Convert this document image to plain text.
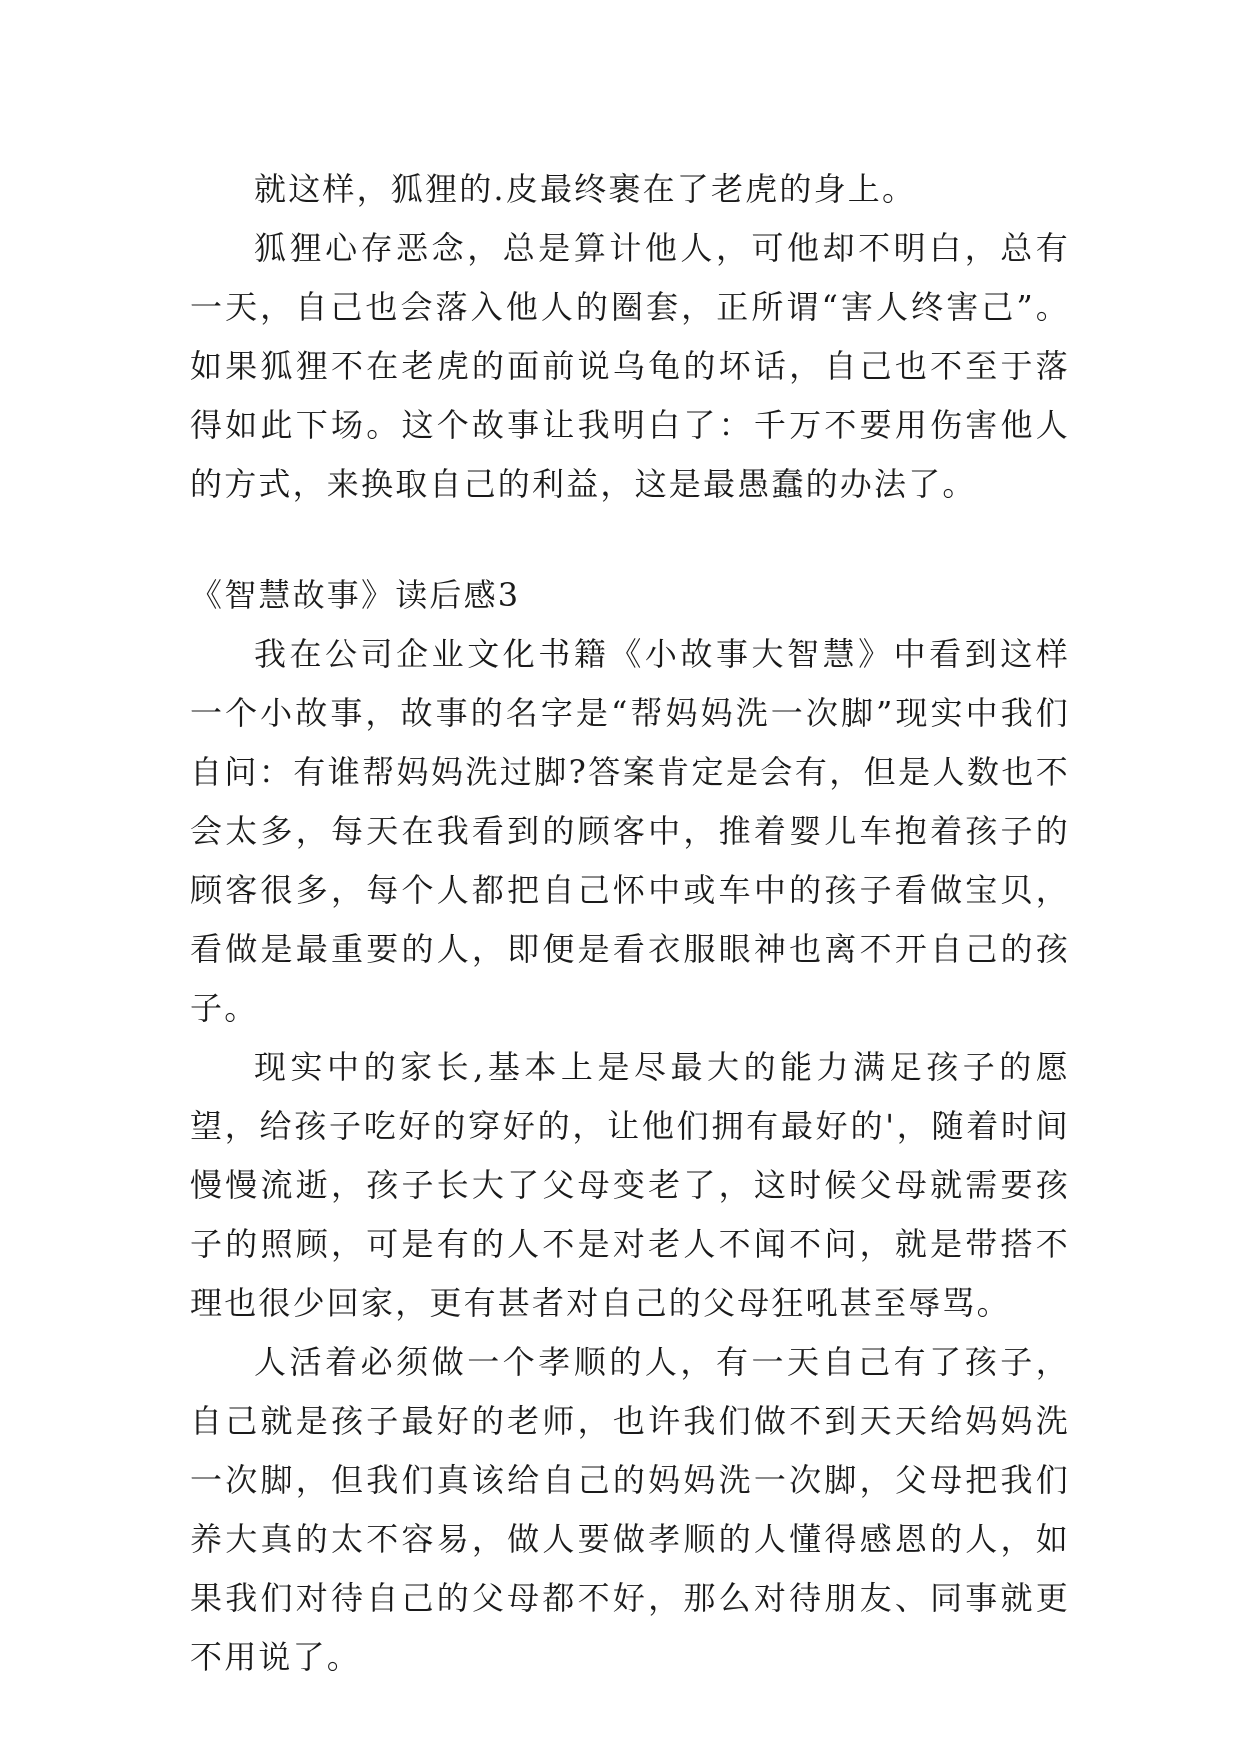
就这样，狐狸的.皮最终裹在了老虎的身上。

狐狸心存恶念，总是算计他人，可他却不明白，总有一天，自己也会落入他人的圈套，正所谓“害人终害己”。如果狐狸不在老虎的面前说乌龟的坏话，自己也不至于落得如此下场。这个故事让我明白了：千万不要用伤害他人的方式，来换取自己的利益，这是最愚蠢的办法了。

《智慧故事》读后感3

我在公司企业文化书籍《小故事大智慧》中看到这样一个小故事，故事的名字是“帮妈妈洗一次脚”现实中我们自问：有谁帮妈妈洗过脚?答案肯定是会有，但是人数也不会太多，每天在我看到的顾客中，推着婴儿车抱着孩子的顾客很多，每个人都把自己怀中或车中的孩子看做宝贝，看做是最重要的人，即便是看衣服眼神也离不开自己的孩子。

现实中的家长,基本上是尽最大的能力满足孩子的愿望，给孩子吃好的穿好的，让他们拥有最好的'，随着时间慢慢流逝，孩子长大了父母变老了，这时候父母就需要孩子的照顾，可是有的人不是对老人不闻不问，就是带搭不理也很少回家，更有甚者对自己的父母狂吼甚至辱骂。

人活着必须做一个孝顺的人，有一天自己有了孩子，自己就是孩子最好的老师，也许我们做不到天天给妈妈洗一次脚，但我们真该给自己的妈妈洗一次脚，父母把我们养大真的太不容易，做人要做孝顺的人懂得感恩的人，如果我们对待自己的父母都不好，那么对待朋友、同事就更不用说了。
